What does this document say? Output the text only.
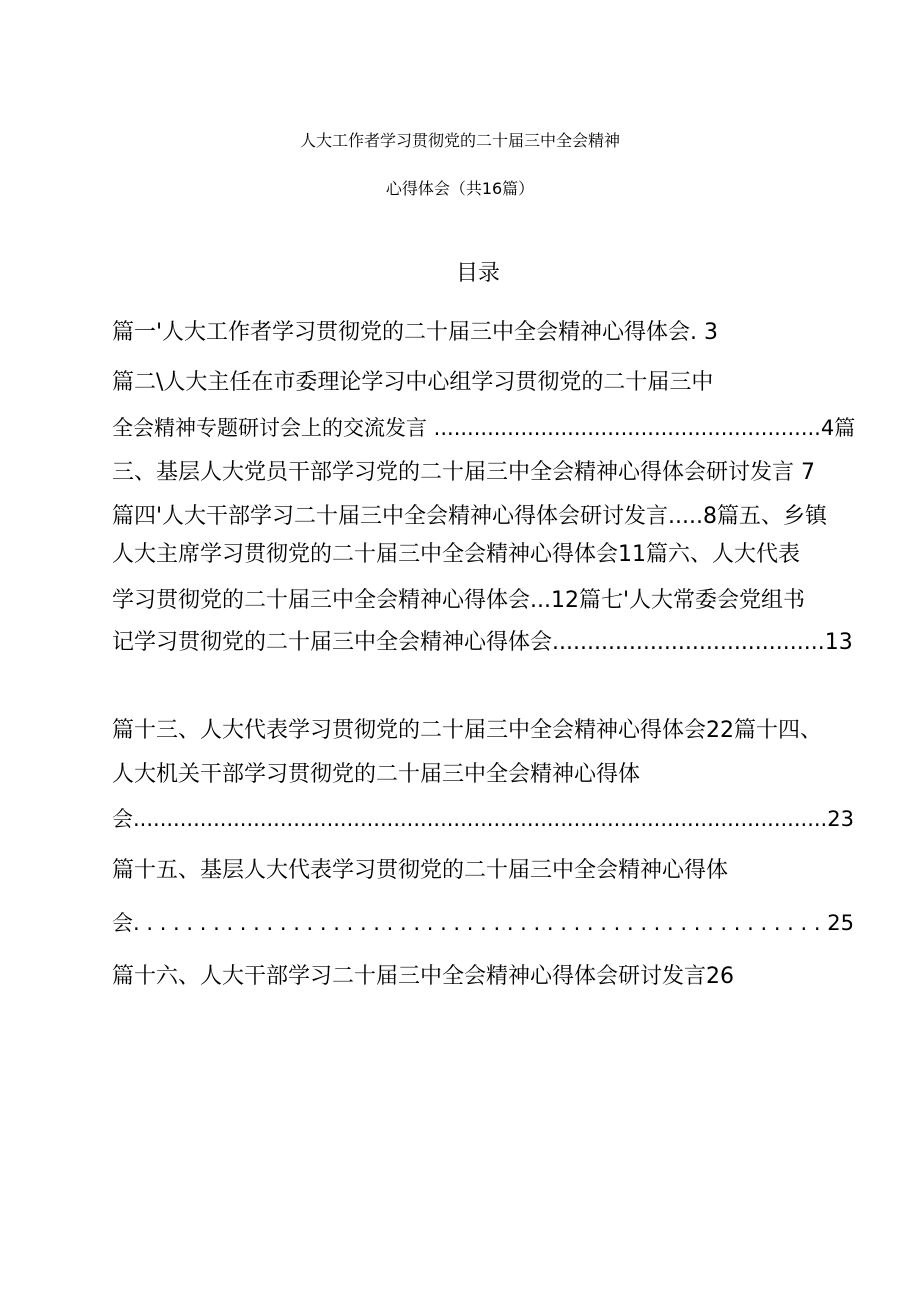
人大工作者学习贯彻党的二十届三中全会精神
心得体会（共16篇）
目录
篇一'人大工作者学习贯彻党的二十届三中全会精神心得体会. 3
篇二\人大主任在市委理论学习中心组学习贯彻党的二十届三中
全会精神专题研讨会上的交流发言 ..........................................................4篇
三、基层人大党员干部学习党的二十届三中全会精神心得体会研讨发言 7
篇四'人大干部学习二十届三中全会精神心得体会研讨发言.....8篇五、乡镇
人大主席学习贯彻党的二十届三中全会精神心得体会11篇六、人大代表
学习贯彻党的二十届三中全会精神心得体会...12篇七'人大常委会党组书
记学习贯彻党的二十届三中全会精神心得体会.......................................13
篇十三、人大代表学习贯彻党的二十届三中全会精神心得体会22篇十四、
人大机关干部学习贯彻党的二十届三中全会精神心得体
会........................................................................................................23
篇十五、基层人大代表学习贯彻党的二十届三中全会精神心得体
会. . . . . . . . . . . . . . . . . . . . . . . . . . . . . . . . . . . . . . . . . . . . . . . . . . . . 25
篇十六、人大干部学习二十届三中全会精神心得体会研讨发言26
